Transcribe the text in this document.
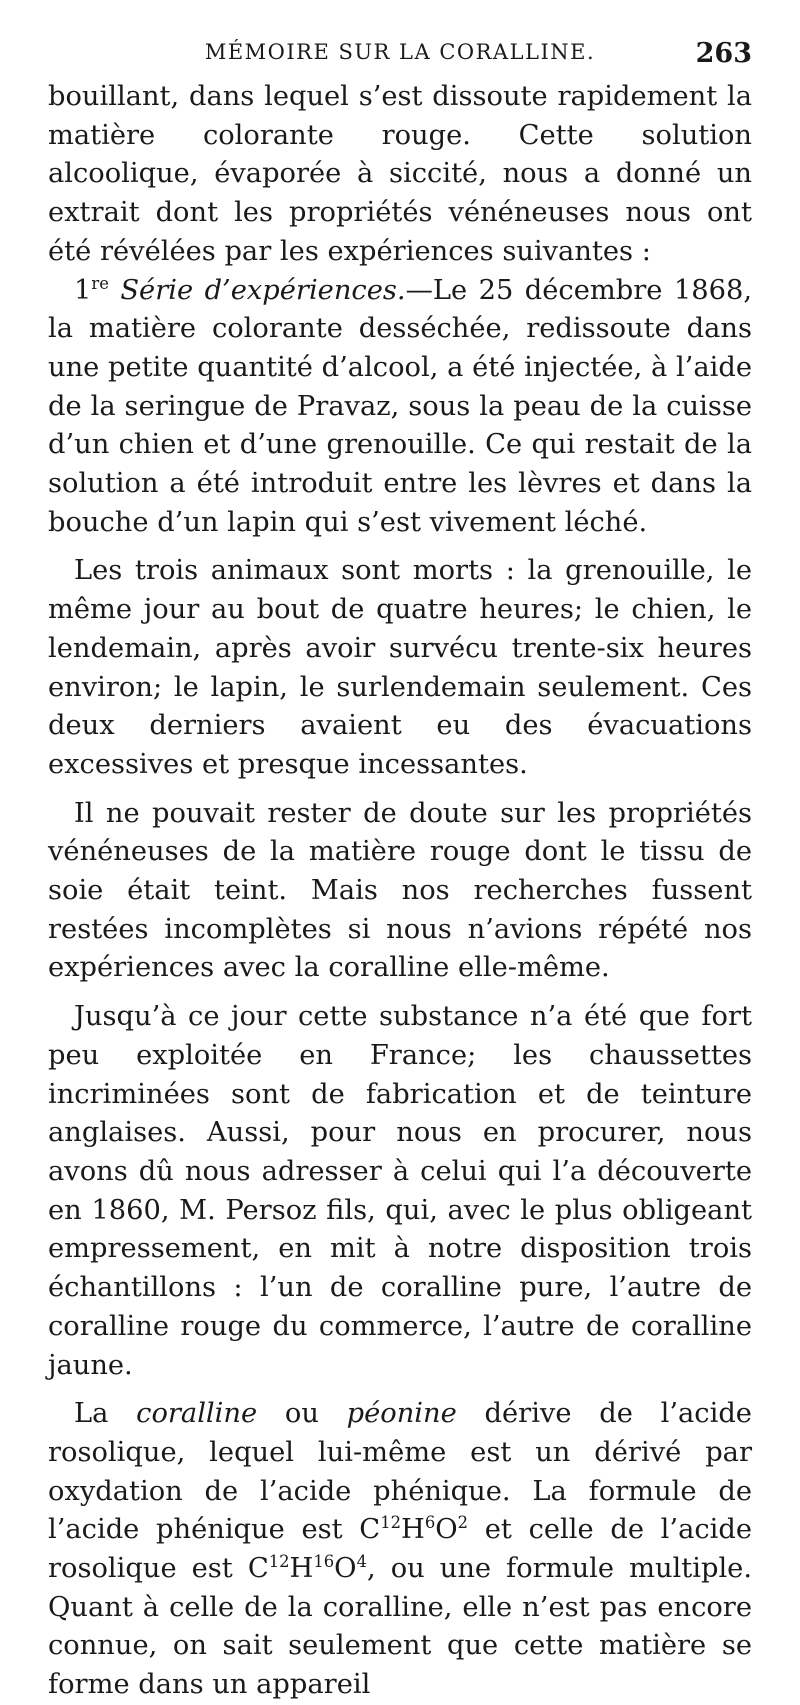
MÉMOIRE SUR LA CORALLINE.	263

bouillant, dans lequel s’est dissoute rapidement la matière colorante rouge. Cette solution alcoolique, évaporée à siccité, nous a donné un extrait dont les propriétés vénéneuses nous ont été révélées par les expériences suivantes :

1re Série d’expériences.—Le 25 décembre 1868, la matière colorante desséchée, redissoute dans une petite quantité d’alcool, a été injectée, à l’aide de la seringue de Pravaz, sous la peau de la cuisse d’un chien et d’une grenouille. Ce qui restait de la solution a été introduit entre les lèvres et dans la bouche d’un lapin qui s’est vivement léché.

Les trois animaux sont morts : la grenouille, le même jour au bout de quatre heures; le chien, le lendemain, après avoir survécu trente-six heures environ; le lapin, le surlendemain seulement. Ces deux derniers avaient eu des évacuations excessives et presque incessantes.

Il ne pouvait rester de doute sur les propriétés vénéneuses de la matière rouge dont le tissu de soie était teint. Mais nos recherches fussent restées incomplètes si nous n’avions répété nos expériences avec la coralline elle-même.

Jusqu’à ce jour cette substance n’a été que fort peu exploitée en France; les chaussettes incriminées sont de fabrication et de teinture anglaises. Aussi, pour nous en procurer, nous avons dû nous adresser à celui qui l’a découverte en 1860, M. Persoz fils, qui, avec le plus obligeant empressement, en mit à notre disposition trois échantillons : l’un de coralline pure, l’autre de coralline rouge du commerce, l’autre de coralline jaune.

La coralline ou péonine dérive de l’acide rosolique, lequel lui-même est un dérivé par oxydation de l’acide phénique. La formule de l’acide phénique est $C^{12}H^6O^2$ et celle de l’acide rosolique est $C^{12}H^{16}O^4$, ou une formule multiple. Quant à celle de la coralline, elle n’est pas encore connue, on sait seulement que cette matière se forme dans un appareil
